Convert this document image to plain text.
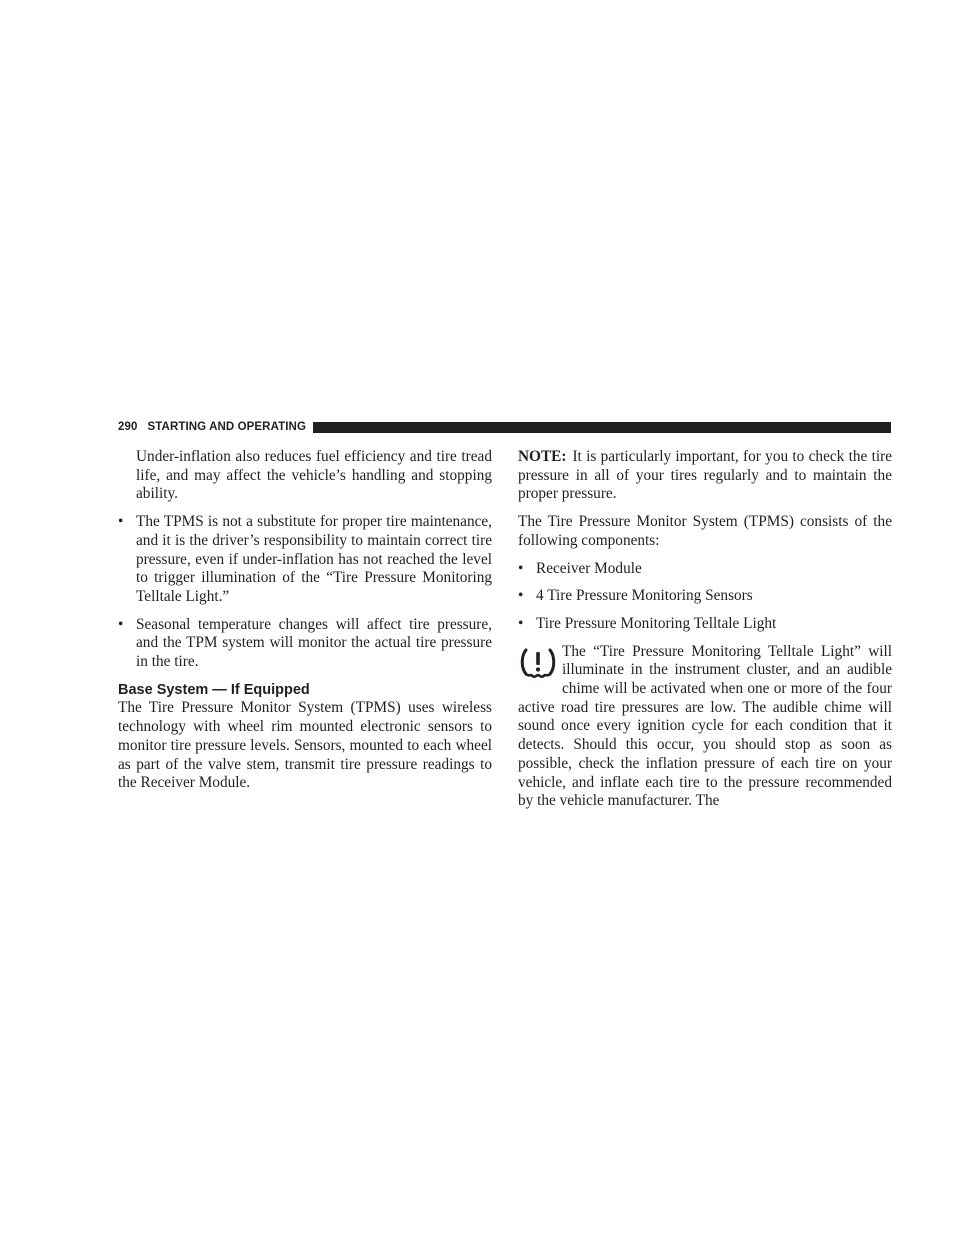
290 STARTING AND OPERATING

Under-inflation also reduces fuel efficiency and tire tread life, and may affect the vehicle’s handling and stopping ability.

• The TPMS is not a substitute for proper tire maintenance, and it is the driver’s responsibility to maintain correct tire pressure, even if under-inflation has not reached the level to trigger illumination of the “Tire Pressure Monitoring Telltale Light.”
• Seasonal temperature changes will affect tire pressure, and the TPM system will monitor the actual tire pressure in the tire.
Base System — If Equipped

The Tire Pressure Monitor System (TPMS) uses wireless technology with wheel rim mounted electronic sensors to monitor tire pressure levels. Sensors, mounted to each wheel as part of the valve stem, transmit tire pressure readings to the Receiver Module.

NOTE: It is particularly important, for you to check the tire pressure in all of your tires regularly and to maintain the proper pressure.

The Tire Pressure Monitor System (TPMS) consists of the following components:

• Receiver Module
• 4 Tire Pressure Monitoring Sensors
• Tire Pressure Monitoring Telltale Light

The “Tire Pressure Monitoring Telltale Light” will illuminate in the instrument cluster, and an audible chime will be activated when one or more of the four active road tire pressures are low. The audible chime will sound once every ignition cycle for each condition that it detects. Should this occur, you should stop as soon as possible, check the inflation pressure of each tire on your vehicle, and inflate each tire to the pressure recommended by the vehicle manufacturer. The
